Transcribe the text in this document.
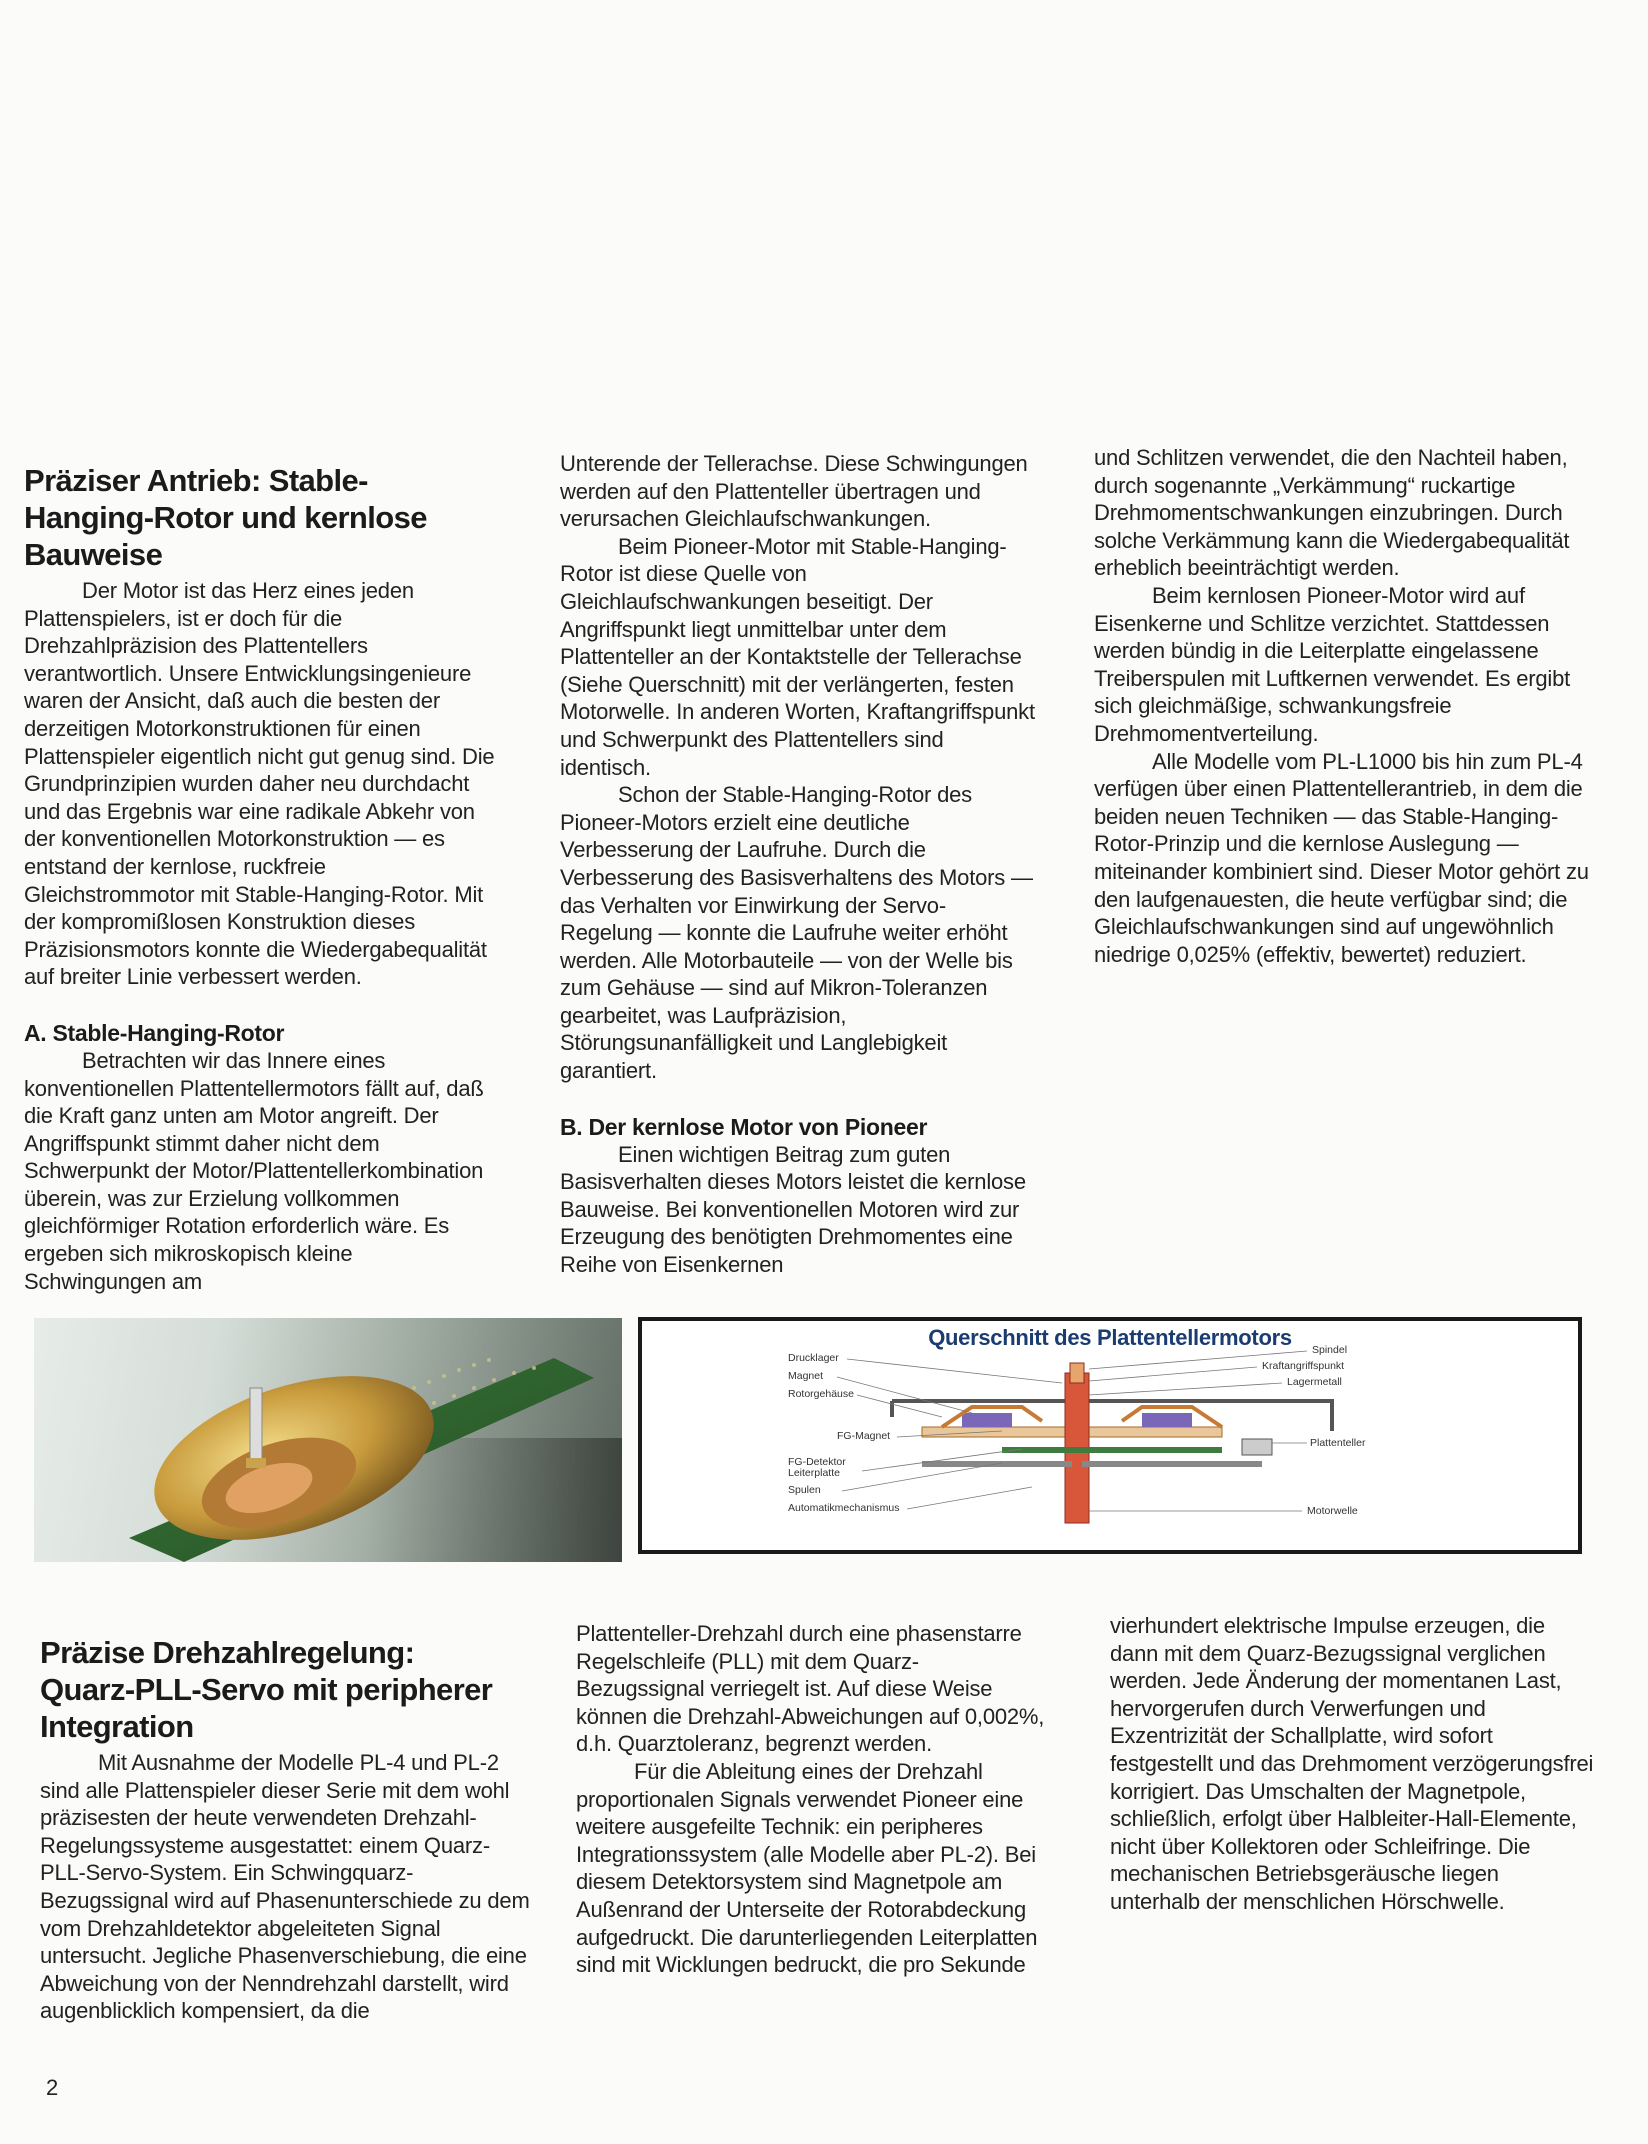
Präziser Antrieb: Stable-
Hanging-Rotor und kernlose
Bauweise

Der Motor ist das Herz eines jeden Plattenspielers, ist er doch für die Drehzahlpräzision des Plattentellers verantwortlich. Unsere Entwicklungsingenieure waren der Ansicht, daß auch die besten der derzeitigen Motorkonstruktionen für einen Plattenspieler eigentlich nicht gut genug sind. Die Grundprinzipien wurden daher neu durchdacht und das Ergebnis war eine radikale Abkehr von der konventionellen Motorkonstruktion — es entstand der kernlose, ruckfreie Gleichstrommotor mit Stable-Hanging-Rotor. Mit der kompromißlosen Konstruktion dieses Präzisionsmotors konnte die Wiedergabequalität auf breiter Linie verbessert werden.

A. Stable-Hanging-Rotor

Betrachten wir das Innere eines konventionellen Plattentellermotors fällt auf, daß die Kraft ganz unten am Motor angreift. Der Angriffspunkt stimmt daher nicht dem Schwerpunkt der Motor/Plattentellerkombination überein, was zur Erzielung vollkommen gleichförmiger Rotation erforderlich wäre. Es ergeben sich mikroskopisch kleine Schwingungen am

Unterende der Tellerachse. Diese Schwingungen werden auf den Plattenteller übertragen und verursachen Gleichlaufschwankungen.

Beim Pioneer-Motor mit Stable-Hanging-Rotor ist diese Quelle von Gleichlaufschwankungen beseitigt. Der Angriffspunkt liegt unmittelbar unter dem Plattenteller an der Kontaktstelle der Tellerachse (Siehe Querschnitt) mit der verlängerten, festen Motorwelle. In anderen Worten, Kraftangriffspunkt und Schwerpunkt des Plattentellers sind identisch.

Schon der Stable-Hanging-Rotor des Pioneer-Motors erzielt eine deutliche Verbesserung der Laufruhe. Durch die Verbesserung des Basisverhaltens des Motors — das Verhalten vor Einwirkung der Servo-Regelung — konnte die Laufruhe weiter erhöht werden. Alle Motorbauteile — von der Welle bis zum Gehäuse — sind auf Mikron-Toleranzen gearbeitet, was Laufpräzision, Störungsunanfälligkeit und Langlebigkeit garantiert.

B. Der kernlose Motor von Pioneer

Einen wichtigen Beitrag zum guten Basisverhalten dieses Motors leistet die kernlose Bauweise. Bei konventionellen Motoren wird zur Erzeugung des benötigten Drehmomentes eine Reihe von Eisenkernen

und Schlitzen verwendet, die den Nachteil haben, durch sogenannte „Verkämmung“ ruckartige Drehmomentschwankungen einzubringen. Durch solche Verkämmung kann die Wiedergabequalität erheblich beeinträchtigt werden.

Beim kernlosen Pioneer-Motor wird auf Eisenkerne und Schlitze verzichtet. Stattdessen werden bündig in die Leiterplatte eingelassene Treiberspulen mit Luftkernen verwendet. Es ergibt sich gleichmäßige, schwankungsfreie Drehmomentverteilung.

Alle Modelle vom PL-L1000 bis hin zum PL-4 verfügen über einen Plattentellerantrieb, in dem die beiden neuen Techniken — das Stable-Hanging-Rotor-Prinzip und die kernlose Auslegung — miteinander kombiniert sind. Dieser Motor gehört zu den laufgenauesten, die heute verfügbar sind; die Gleichlaufschwankungen sind auf ungewöhnlich niedrige 0,025% (effektiv, bewertet) reduziert.

Querschnitt des Plattentellermotors
Drucklager
Magnet
Rotorgehäuse
FG-Magnet
FG-Detektor
Leiterplatte
Spulen
Automatikmechanismus
Spindel
Kraftangriffspunkt
Lagermetall
Plattenteller
Motorwelle
Präzise Drehzahlregelung:
Quarz-PLL-Servo mit peripherer
Integration

Mit Ausnahme der Modelle PL-4 und PL-2 sind alle Plattenspieler dieser Serie mit dem wohl präzisesten der heute verwendeten Drehzahl-Regelungssysteme ausgestattet: einem Quarz-PLL-Servo-System. Ein Schwingquarz-Bezugssignal wird auf Phasenunterschiede zu dem vom Drehzahldetektor abgeleiteten Signal untersucht. Jegliche Phasenverschiebung, die eine Abweichung von der Nenndrehzahl darstellt, wird augenblicklich kompensiert, da die

Plattenteller-Drehzahl durch eine phasenstarre Regelschleife (PLL) mit dem Quarz-Bezugssignal verriegelt ist. Auf diese Weise können die Drehzahl-Abweichungen auf 0,002%, d.h. Quarztoleranz, begrenzt werden.

Für die Ableitung eines der Drehzahl proportionalen Signals verwendet Pioneer eine weitere ausgefeilte Technik: ein peripheres Integrationssystem (alle Modelle aber PL-2). Bei diesem Detektorsystem sind Magnetpole am Außenrand der Unterseite der Rotorabdeckung aufgedruckt. Die darunterliegenden Leiterplatten sind mit Wicklungen bedruckt, die pro Sekunde

vierhundert elektrische Impulse erzeugen, die dann mit dem Quarz-Bezugssignal verglichen werden. Jede Änderung der momentanen Last, hervorgerufen durch Verwerfungen und Exzentrizität der Schallplatte, wird sofort festgestellt und das Drehmoment verzögerungsfrei korrigiert. Das Umschalten der Magnetpole, schließlich, erfolgt über Halbleiter-Hall-Elemente, nicht über Kollektoren oder Schleifringe. Die mechanischen Betriebsgeräusche liegen unterhalb der menschlichen Hörschwelle.

2
